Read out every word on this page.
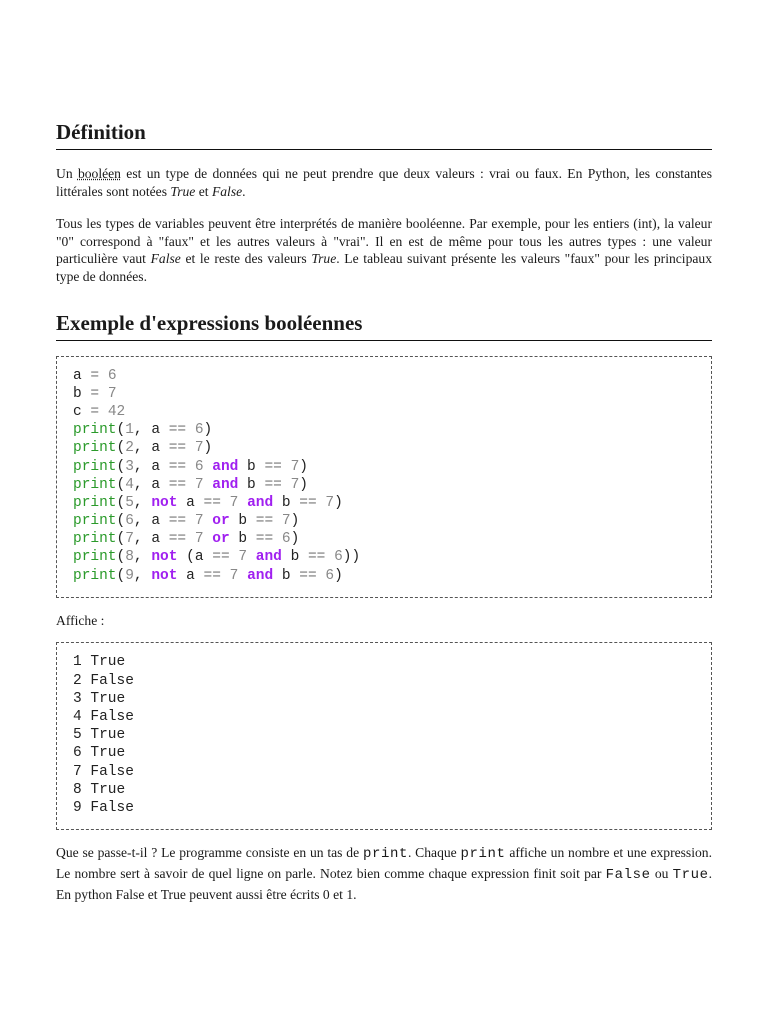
Définition

Un booléen est un type de données qui ne peut prendre que deux valeurs : vrai ou faux. En Python, les constantes littérales sont notées True et False.

Tous les types de variables peuvent être interprétés de manière booléenne. Par exemple, pour les entiers (int), la valeur "0" correspond à "faux" et les autres valeurs à "vrai". Il en est de même pour tous les autres types : une valeur particulière vaut False et le reste des valeurs True. Le tableau suivant présente les valeurs "faux" pour les principaux type de données.

Exemple d'expressions booléennes
a = 6
b = 7
c = 42
print(1, a == 6)
print(2, a == 7)
print(3, a == 6 and b == 7)
print(4, a == 7 and b == 7)
print(5, not a == 7 and b == 7)
print(6, a == 7 or b == 7)
print(7, a == 7 or b == 6)
print(8, not (a == 7 and b == 6))
print(9, not a == 7 and b == 6)

Affiche :

1 True
2 False
3 True
4 False
5 True
6 True
7 False
8 True
9 False

Que se passe-t-il ? Le programme consiste en un tas de print. Chaque print affiche un nombre et une expression. Le nombre sert à savoir de quel ligne on parle. Notez bien comme chaque expression finit soit par False ou True. En python False et True peuvent aussi être écrits 0 et 1.
